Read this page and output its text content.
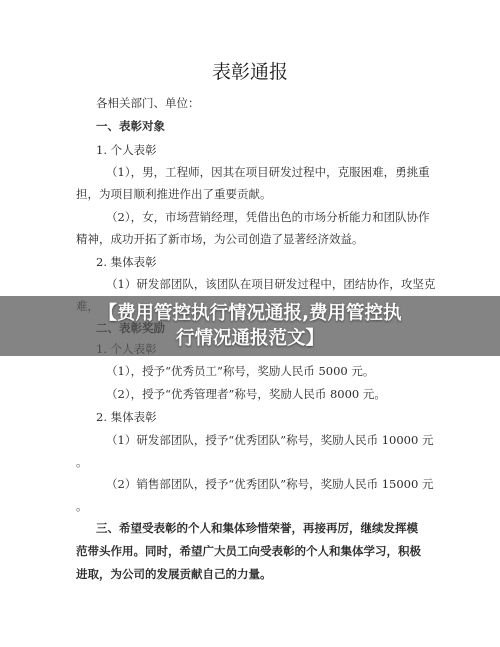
表彰通报
各相关部门、单位：
一、表彰对象
1. 个人表彰
（1），男，工程师，因其在项目研发过程中，克服困难，勇挑重
担，为项目顺利推进作出了重要贡献。
（2），女，市场营销经理，凭借出色的市场分析能力和团队协作
精神，成功开拓了新市场，为公司创造了显著经济效益。
2. 集体表彰
（1）研发部团队，该团队在项目研发过程中，团结协作，攻坚克
（1），授予“优秀员工”称号，奖励人民币 5000 元。
（2），授予“优秀管理者”称号，奖励人民币 8000 元。
2. 集体表彰
（1）研发部团队，授予“优秀团队”称号，奖励人民币 10000 元
。
（2）销售部团队，授予“优秀团队”称号，奖励人民币 15000 元
。
三、希望受表彰的个人和集体珍惜荣誉，再接再厉，继续发挥模
范带头作用。同时，希望广大员工向受表彰的个人和集体学习，积极
进取，为公司的发展贡献自己的力量。
【费用管控执行情况通报,费用管控执
行情况通报范文】
